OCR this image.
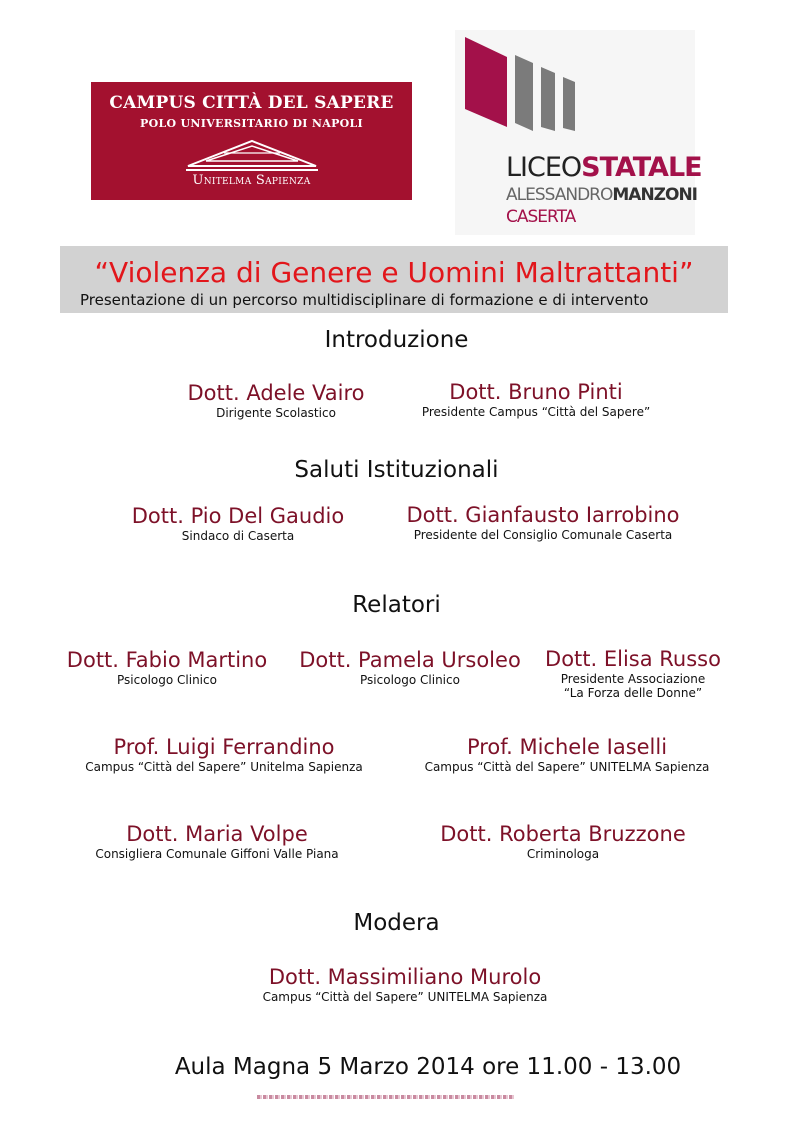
CAMPUS CITTÀ DEL SAPERE
POLO UNIVERSITARIO DI NAPOLI
Unitelma Sapienza	LICEOSTATALE
ALESSANDROMANZONI
CASERTA
“Violenza di Genere e Uomini Maltrattanti”
Presentazione di un percorso multidisciplinare di formazione e di intervento
Introduzione
Dott. Adele Vairo
Dirigente Scolastico
Dott. Bruno Pinti
Presidente Campus “Città del Sapere”
Saluti Istituzionali
Dott. Pio Del Gaudio
Sindaco di Caserta
Dott. Gianfausto Iarrobino
Presidente del Consiglio Comunale Caserta
Relatori
Dott. Fabio Martino
Psicologo Clinico
Dott. Pamela Ursoleo
Psicologo Clinico
Dott. Elisa Russo
Presidente Associazione
“La Forza delle Donne”
Prof. Luigi Ferrandino
Campus “Città del Sapere” Unitelma Sapienza
Prof. Michele Iaselli
Campus “Città del Sapere” UNITELMA Sapienza
Dott. Maria Volpe
Consigliera Comunale Giffoni Valle Piana
Dott. Roberta Bruzzone
Criminologa
Modera
Dott. Massimiliano Murolo
Campus “Città del Sapere” UNITELMA Sapienza
Aula Magna 5 Marzo 2014 ore 11.00 - 13.00
